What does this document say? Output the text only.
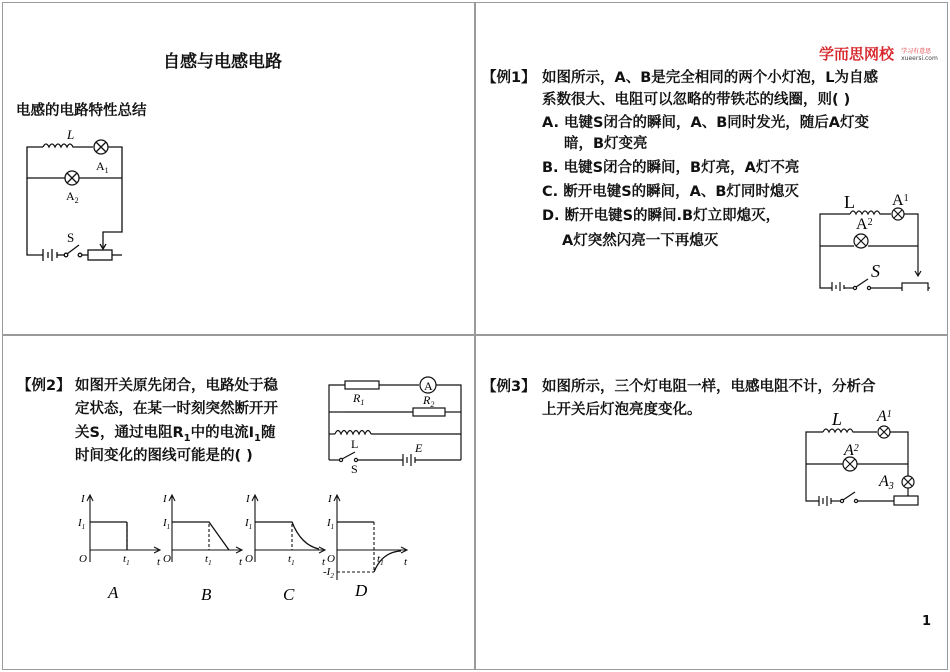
自感与电感电路
电感的电路特性总结
L
$A_1$
$A_2$
S
学而思网校 学习有意思
xueersi.com
【例1】 如图所示，A、B是完全相同的两个小灯泡，L为自感
系数很大、电阻可以忽略的带铁芯的线圈，则( )
A. 电键S闭合的瞬间，A、B同时发光，随后A灯变
暗，B灯变亮
B. 电键S闭合的瞬间，B灯亮，A灯不亮
C. 断开电键S的瞬间，A、B灯同时熄灭
D. 断开电键S的瞬间.B灯立即熄灭，
A灯突然闪亮一下再熄灭
L $A^1$
$A^2$
S
【例2】 如图开关原先闭合，电路处于稳
定状态，在某一时刻突然断开开
关S，通过电阻$R_1$中的电流$I_1$随
时间变化的图线可能是的( )
$R_1$
A
$R_2$
L
S
E
I
$I_1$
O	$t_1$ t
I
$I_1$
O	$t_1$ t
I
$I_1$
O	$t_1$ t
I
$I_1$
O	$t_1$ t
$-I_2$
A	B	C	D
【例3】 如图所示，三个灯电阻一样，电感电阻不计，分析合
上开关后灯泡亮度变化。	L $A^1$
$A^2$
A3
1
